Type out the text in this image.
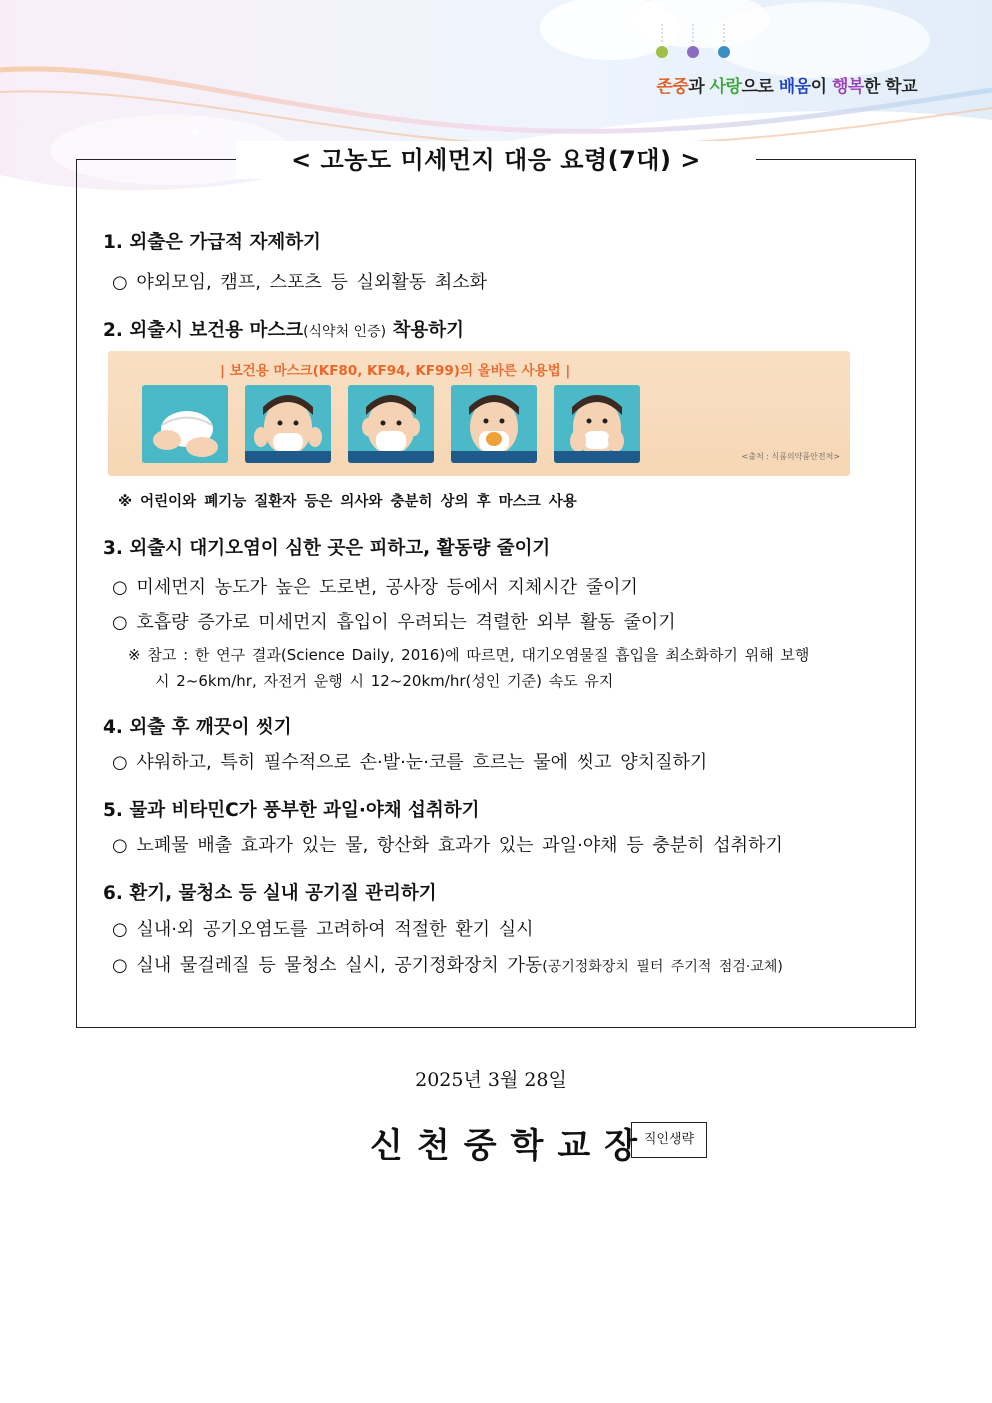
존중과 사랑으로 배움이 행복한 학교
< 고농도 미세먼지 대응 요령(7대) >
1. 외출은 가급적 자제하기
○ 야외모임, 캠프, 스포츠 등 실외활동 최소화
2. 외출시 보건용 마스크(식약처 인증) 착용하기
| 보건용 마스크(KF80, KF94, KF99)의 올바른 사용법 |
<출처 : 식품의약품안전처>
※ 어린이와 폐기능 질환자 등은 의사와 충분히 상의 후 마스크 사용
3. 외출시 대기오염이 심한 곳은 피하고, 활동량 줄이기
○ 미세먼지 농도가 높은 도로변, 공사장 등에서 지체시간 줄이기
○ 호흡량 증가로 미세먼지 흡입이 우려되는 격렬한 외부 활동 줄이기
※ 참고 : 한 연구 결과(Science Daily, 2016)에 따르면, 대기오염물질 흡입을 최소화하기 위해 보행
시 2~6km/hr, 자전거 운행 시 12~20km/hr(성인 기준) 속도 유지
4. 외출 후 깨끗이 씻기
○ 샤워하고, 특히 필수적으로 손·발·눈·코를 흐르는 물에 씻고 양치질하기
5. 물과 비타민C가 풍부한 과일·야채 섭취하기
○ 노폐물 배출 효과가 있는 물, 항산화 효과가 있는 과일·야채 등 충분히 섭취하기
6. 환기, 물청소 등 실내 공기질 관리하기
○ 실내·외 공기오염도를 고려하여 적절한 환기 실시
○ 실내 물걸레질 등 물청소 실시, 공기정화장치 가동(공기정화장치 필터 주기적 점검·교체)
2025년 3월 28일
신천중학교장
직인생략
